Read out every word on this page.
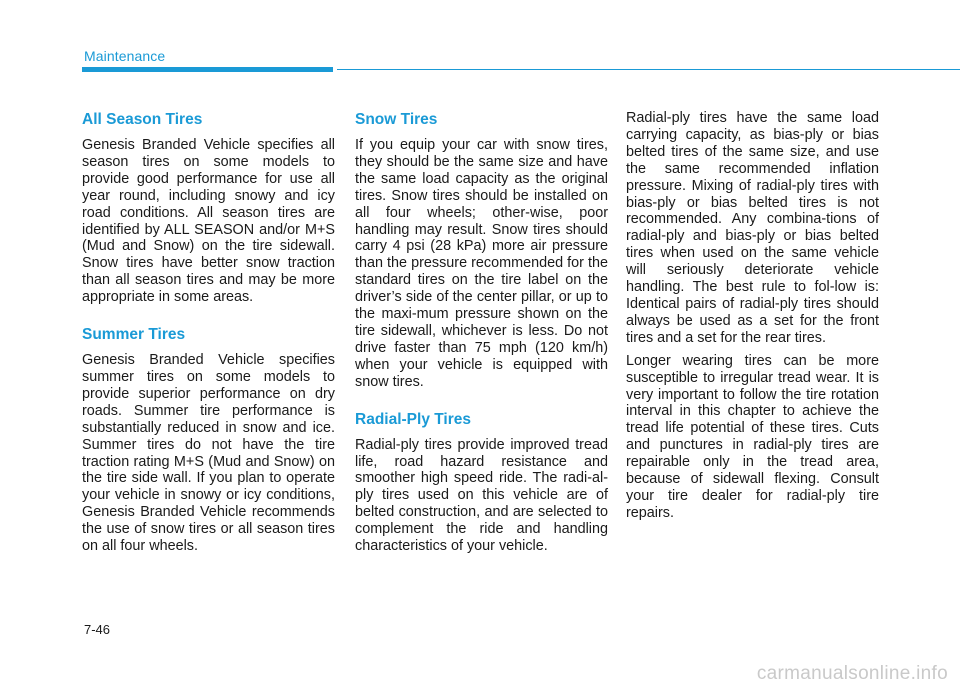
Maintenance
All Season Tires

Genesis Branded Vehicle specifies all season tires on some models to provide good performance for use all year round, including snowy and icy road conditions. All season tires are identified by ALL SEASON and/or M+S (Mud and Snow) on the tire sidewall. Snow tires have better snow traction than all season tires and may be more appropriate in some areas.

Summer Tires

Genesis Branded Vehicle specifies summer tires on some models to provide superior performance on dry roads. Summer tire performance is substantially reduced in snow and ice. Summer tires do not have the tire traction rating M+S (Mud and Snow) on the tire side wall. If you plan to operate your vehicle in snowy or icy conditions, Genesis Branded Vehicle recommends the use of snow tires or all season tires on all four wheels.

Snow Tires

If you equip your car with snow tires, they should be the same size and have the same load capacity as the original tires. Snow tires should be installed on all four wheels; other-wise, poor handling may result. Snow tires should carry 4 psi (28 kPa) more air pressure than the pressure recommended for the standard tires on the tire label on the driver’s side of the center pillar, or up to the maxi-mum pressure shown on the tire sidewall, whichever is less. Do not drive faster than 75 mph (120 km/h) when your vehicle is equipped with snow tires.

Radial-Ply Tires

Radial-ply tires provide improved tread life, road hazard resistance and smoother high speed ride. The radi-al-ply tires used on this vehicle are of belted construction, and are selected to complement the ride and handling characteristics of your vehicle.

Radial-ply tires have the same load carrying capacity, as bias-ply or bias belted tires of the same size, and use the same recommended inflation pressure. Mixing of radial-ply tires with bias-ply or bias belted tires is not recommended. Any combina-tions of radial-ply and bias-ply or bias belted tires when used on the same vehicle will seriously deteriorate vehicle handling. The best rule to fol-low is: Identical pairs of radial-ply tires should always be used as a set for the front tires and a set for the rear tires.

Longer wearing tires can be more susceptible to irregular tread wear. It is very important to follow the tire rotation interval in this chapter to achieve the tread life potential of these tires. Cuts and punctures in radial-ply tires are repairable only in the tread area, because of sidewall flexing. Consult your tire dealer for radial-ply tire repairs.

7-46
carmanualsonline.info
